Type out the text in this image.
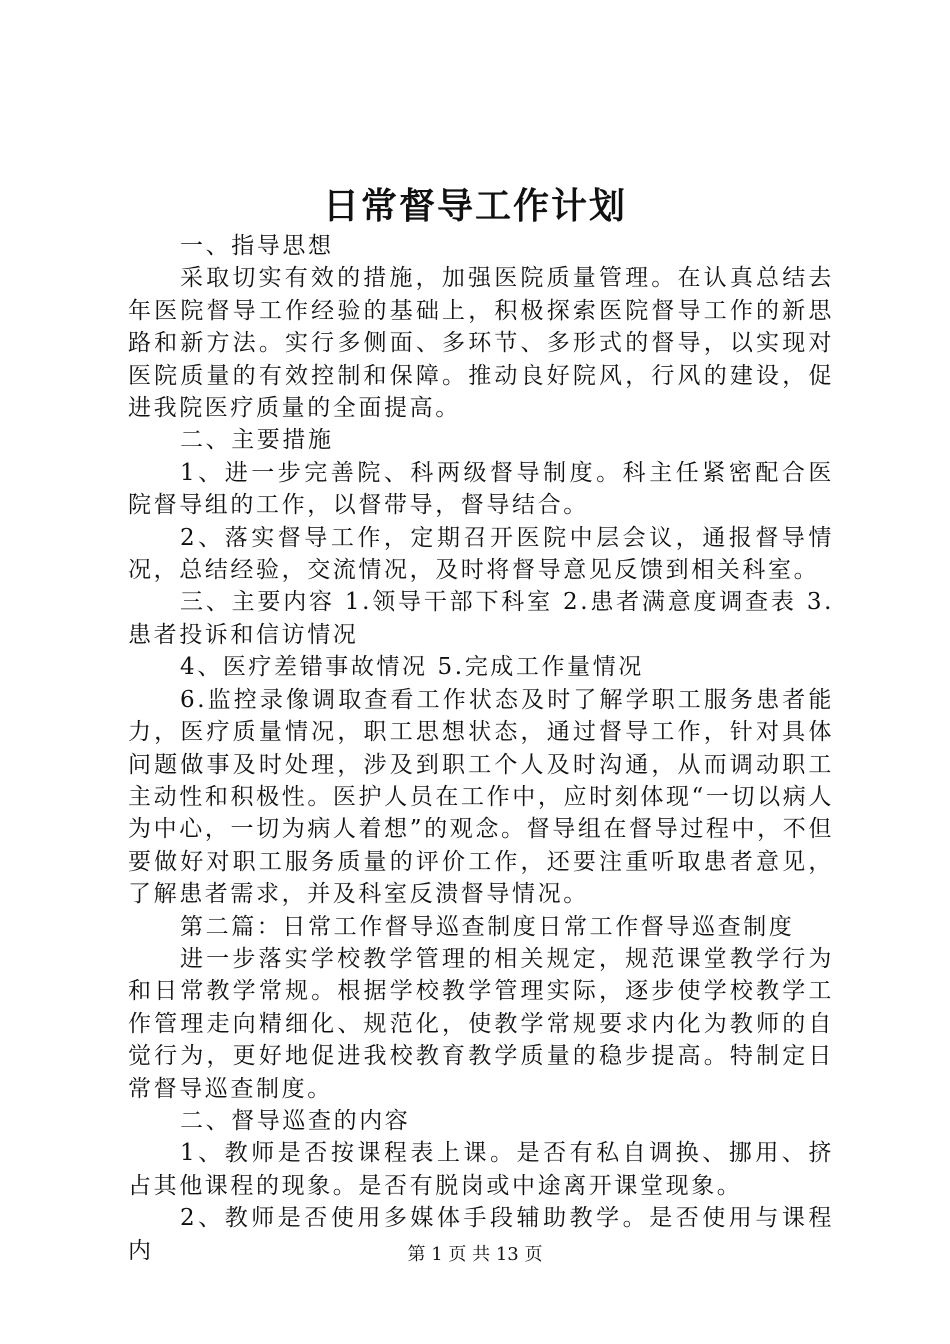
日常督导工作计划

一、指导思想

采取切实有效的措施，加强医院质量管理。在认真总结去年医院督导工作经验的基础上，积极探索医院督导工作的新思路和新方法。实行多侧面、多环节、多形式的督导，以实现对医院质量的有效控制和保障。推动良好院风，行风的建设，促进我院医疗质量的全面提高。

二、主要措施

1、进一步完善院、科两级督导制度。科主任紧密配合医院督导组的工作，以督带导，督导结合。

2、落实督导工作，定期召开医院中层会议，通报督导情况，总结经验，交流情况，及时将督导意见反馈到相关科室。

三、主要内容 1.领导干部下科室 2.患者满意度调查表 3.患者投诉和信访情况

4、医疗差错事故情况 5.完成工作量情况

6.监控录像调取查看工作状态及时了解学职工服务患者能力，医疗质量情况，职工思想状态，通过督导工作，针对具体问题做事及时处理，涉及到职工个人及时沟通，从而调动职工主动性和积极性。医护人员在工作中，应时刻体现“一切以病人为中心，一切为病人着想”的观念。督导组在督导过程中，不但要做好对职工服务质量的评价工作，还要注重听取患者意见，了解患者需求，并及科室反溃督导情况。

第二篇：日常工作督导巡查制度日常工作督导巡查制度

进一步落实学校教学管理的相关规定，规范课堂教学行为和日常教学常规。根据学校教学管理实际，逐步使学校教学工作管理走向精细化、规范化，使教学常规要求内化为教师的自觉行为，更好地促进我校教育教学质量的稳步提高。特制定日常督导巡查制度。

二、督导巡查的内容

1、教师是否按课程表上课。是否有私自调换、挪用、挤占其他课程的现象。是否有脱岗或中途离开课堂现象。

2、教师是否使用多媒体手段辅助教学。是否使用与课程内	第 1 页 共 13 页
